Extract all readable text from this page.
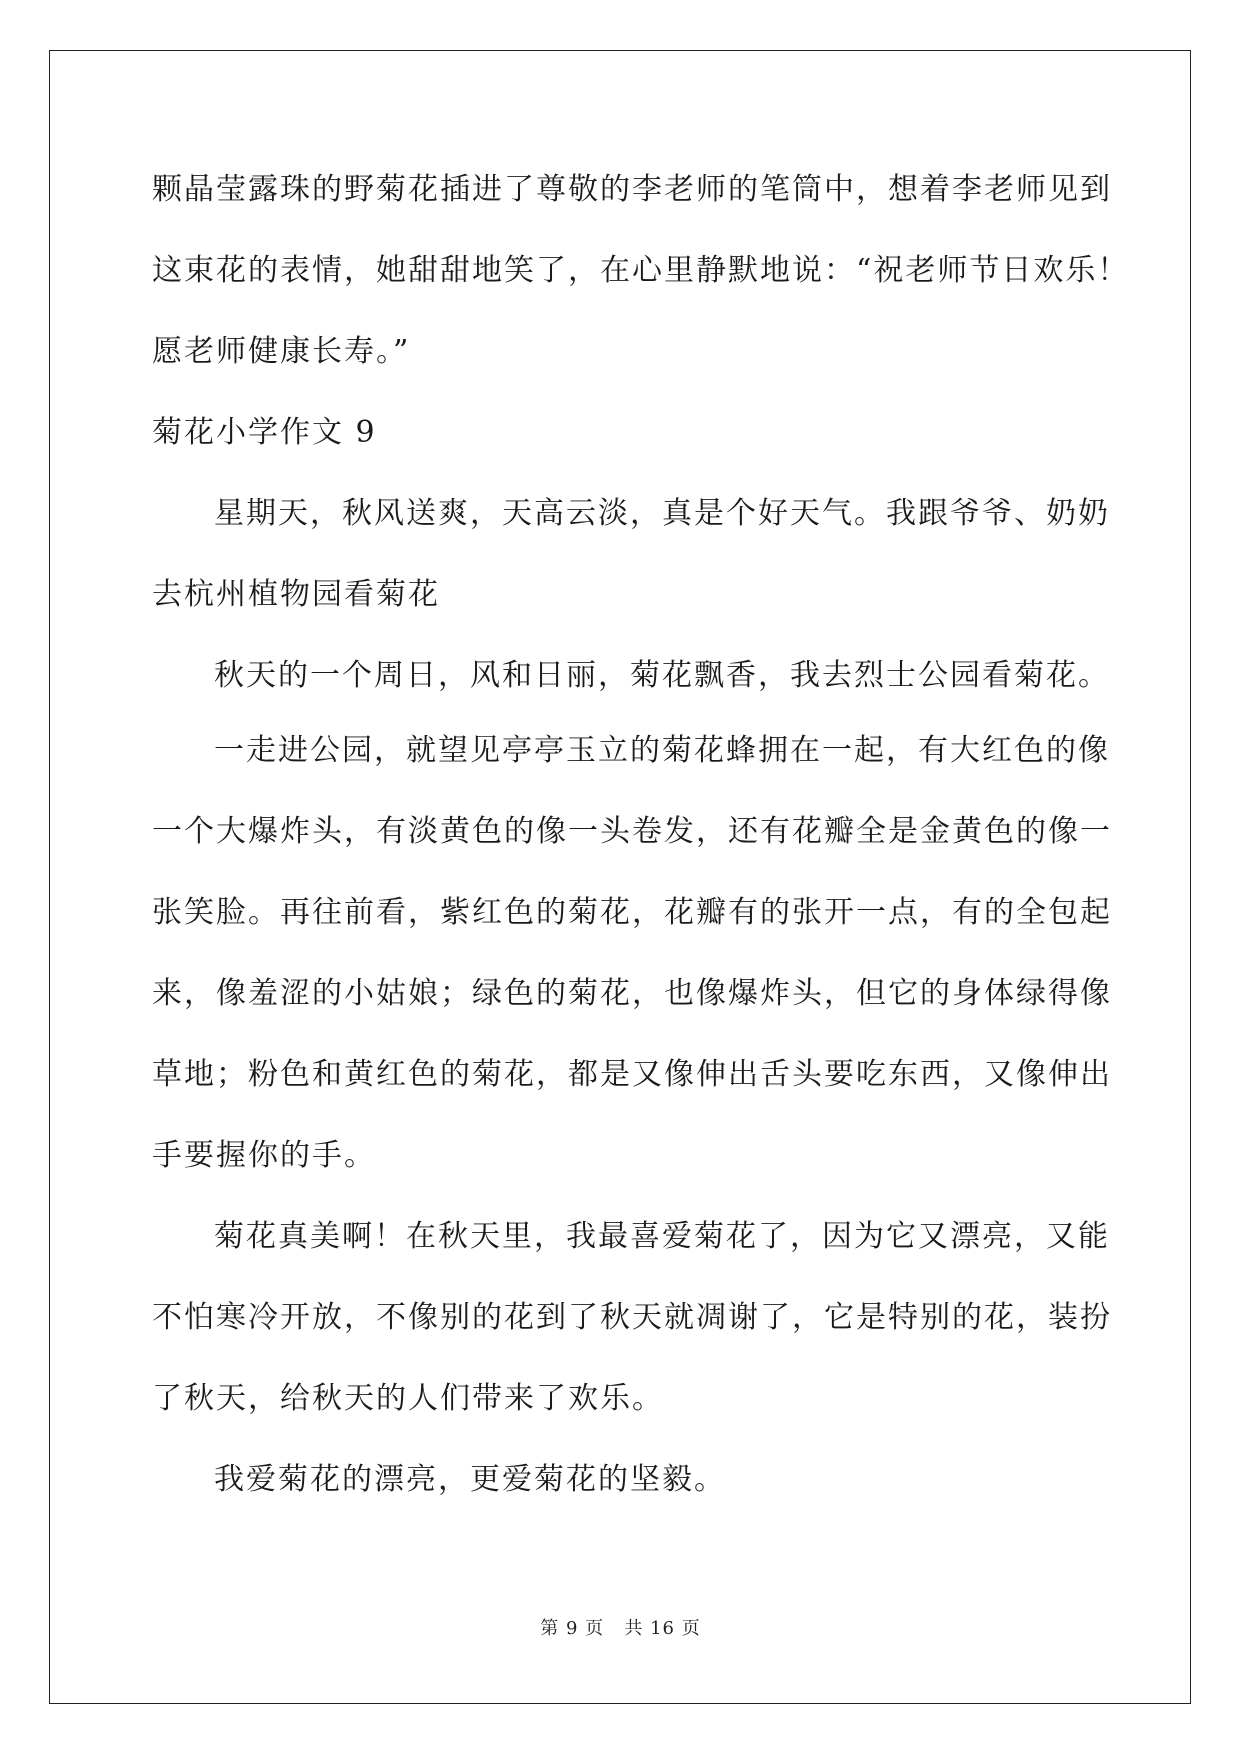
颗晶莹露珠的野菊花插进了尊敬的李老师的笔筒中，想着李老师见到
这束花的表情，她甜甜地笑了，在心里静默地说：“祝老师节日欢乐！
愿老师健康长寿。”
菊花小学作文 9
星期天，秋风送爽，天高云淡，真是个好天气。我跟爷爷、奶奶
去杭州植物园看菊花
秋天的一个周日，风和日丽，菊花飘香，我去烈士公园看菊花。
一走进公园，就望见亭亭玉立的菊花蜂拥在一起，有大红色的像
一个大爆炸头，有淡黄色的像一头卷发，还有花瓣全是金黄色的像一
张笑脸。再往前看，紫红色的菊花，花瓣有的张开一点，有的全包起
来，像羞涩的小姑娘；绿色的菊花，也像爆炸头，但它的身体绿得像
草地；粉色和黄红色的菊花，都是又像伸出舌头要吃东西，又像伸出
手要握你的手。
菊花真美啊！在秋天里，我最喜爱菊花了，因为它又漂亮，又能
不怕寒冷开放，不像别的花到了秋天就凋谢了，它是特别的花，装扮
了秋天，给秋天的人们带来了欢乐。
我爱菊花的漂亮，更爱菊花的坚毅。
第 9 页 共 16 页
